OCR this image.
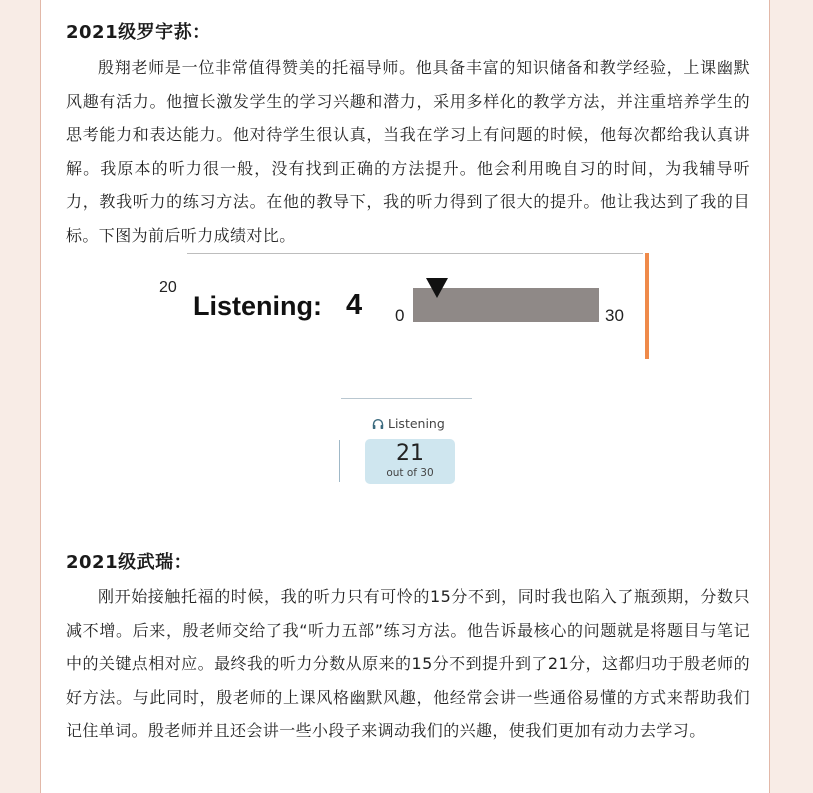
2021级罗宇荪：
殷翔老师是一位非常值得赞美的托福导师。他具备丰富的知识储备和教学经验，上课幽默风趣有活力。他擅长激发学生的学习兴趣和潜力，采用多样化的教学方法，并注重培养学生的思考能力和表达能力。他对待学生很认真，当我在学习上有问题的时候，他每次都给我认真讲解。我原本的听力很一般，没有找到正确的方法提升。他会利用晚自习的时间，为我辅导听力，教我听力的练习方法。在他的教导下，我的听力得到了很大的提升。他让我达到了我的目标。下图为前后听力成绩对比。
20
Listening: 4 0	30
Listening
21
out of 30
2021级武瑞：
刚开始接触托福的时候，我的听力只有可怜的15分不到，同时我也陷入了瓶颈期，分数只减不增。后来，殷老师交给了我“听力五部”练习方法。他告诉最核心的问题就是将题目与笔记中的关键点相对应。最终我的听力分数从原来的15分不到提升到了21分，这都归功于殷老师的好方法。与此同时，殷老师的上课风格幽默风趣，他经常会讲一些通俗易懂的方式来帮助我们记住单词。殷老师并且还会讲一些小段子来调动我们的兴趣，使我们更加有动力去学习。
